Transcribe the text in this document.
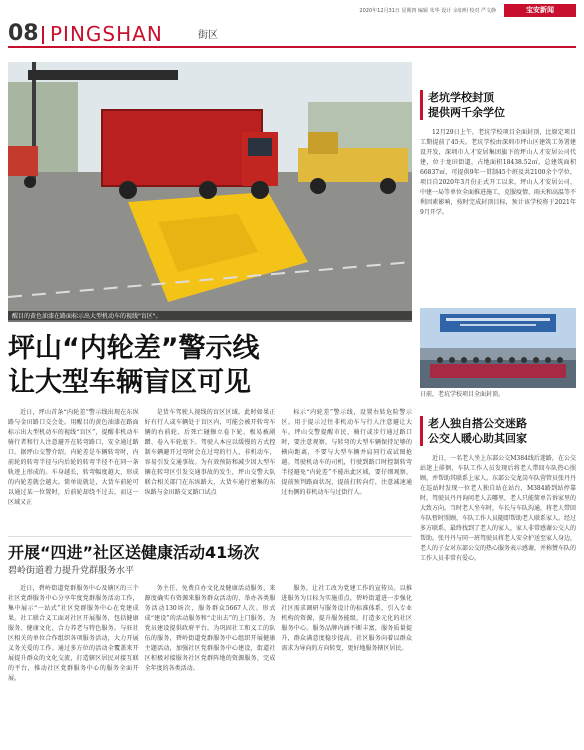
2020年12月31日 星期四 编辑 朱华 设计 余如明 校对 严文静	宝安新闻
08 PINGSHAN	街区
醒目的黄色油漆在路面标示出大型机动车的视线"盲区"。
坪山“内轮差”警示线
让大型车辆盲区可见

近日，坪山首条“内轮差”警示线出现在东纵路与金田路口交会处。用醒目的黄色油漆在路面标示出大型机动车的视线“盲区”，提醒非机动车骑行者和行人注意避开在转弯路口，安全通过路口。据坪山交警介绍，内轮差是车辆转弯时，内前轮的转弯半径与内后轮的转弯半径不在同一条轨迹上形成的。车身越长，转弯幅度越大，形成的内轮差就会越大。简单说就是，大货车前轮可以通过某一位置时，后前轮却绕不过去，而这一区域又正

是货车驾驶人视线的盲区区域。此时如果正好有行人或车辆处于盲区内，可能会被开转弯车辆的右前轮、后死亡碰擦立卷下轮，极易被剐蹭、卷入车轮底下。驾驶人本应以缓慢的方式控制车辆避开过弯时会在过弯的行人、非机动车，容易引发交通事故。为有效预防和减少因大型车辆在转弯区引发交通事故的发生，坪山交警大队联合相关部门在东纵路大，大货车通行密集的东纵路与金田路交叉路口试点

标示“内轮差”警示线，设置右转危险警示区。用于提示过往非机动车与行人注意避让大车。坪山交警提醒市民，骑行或步行通过路口时，要注意观察，与转弯的大型车辆保持足够的横向距离，不要与大型车辆并肩同行或试图抢越。驾驶机动车的司机，行驶到路口时控制转弯半径避免“内轮差”不能出此区域，要仔细观察，提前预判路面状况，提前打转向灯，注意减速通过右侧的非机动车与过街行人。

开展“四进”社区送健康活动41场次
碧岭街道着力提升党群服务水平

近日，碧岭街道党群服务中心及辖区的三个社区党群服务中心分享年度党群服务活动工作，集中展示“一站式”社区党群服务中心在党建成果。社工联合义工面对社区开展服务，包括健康服务、健康文化、合力养老与特色服务。与驻社区相关的单位合作组织各项服务活动，大力开展义务关爱的工作。通过多方位的活动全覆盖来开展提升群众的文化交流，打造辖区居民对接互联的平台，推动社区党群服务中心的服务全面开展。

务主任、免费自办文化及健康活动服务，来源度确实有资源来服务群众活动的、举办各类服务活动130场次，服务群众5667人次。形式成“建设”的活动服务和“走出去”的上门服务，为党员建设提供政府平台。为巩固社工和义工的队伍的服务，碧岭街道党群服务中心组织开展健康主题活动，加强社区党群服务中心建设，街道社区积极对接服务社区党群阵地的资源服务，完成全年度的各类活动。

服务，让社工改为党建工作的宣传员。以推进服务为目标为实施重点，碧岭街道进一步强化社区需求调研与服务设计的标准体系，引入专业机构的资源，提升服务能级，打造多元化的社区服务中心。服务品牌内涵不断丰富，服务质量提升，群众满意度稳步提高，社区服务向着以群众需求为导向的方向转变，更好地服务辖区居民。

老坑学校封顶
提供两千余学位

12月29日上午，老坑学校项目全面封顶，比原定项目工期提前了45天。老坑学校由深圳市坪山区建筑工务署建设开发，深圳市人才安居集团旗下的坪山人才安居公司代建，位于龙田街道，占地面积18438.52㎡，总建筑面积66837㎡，可提供9年一贯制45个班及共2100余个学位，项目自2020年3月份正式开工以来，坪山人才安居公司、中建一局等单位全面推进施工，克服疫情、雨天和高温等不利因素影响，按时完成封顶目标，预计该学校将于2021年9月开学。

日前，老坑学校项目全面封顶。
老人独自搭公交迷路
公交人暖心助其回家

近日，一名老人坐上东部公交M384线后迷路，在公交站迷上徘徊，车队工作人员发现后将老人带回车队热心照顾，并帮助其联系上家人。东部公交龙岗车队营管员张丹丹在巡站时发现一位老人独自站在站台，M384路到站停靠时，驾驶员丹丹询问老人去哪里，老人只能简单告诉家里的大致方向。当时老人坐车时，车长与车队沟通，将老人带回车队暂时照顾，车队工作人员随即帮助老人联系家人。经过多方联系，最终找到了老人的家人，家人非常感谢公交人的帮助。张丹丹与同一班驾驶员将老人安全护送至家人身边，老人的子女对东部公交的热心服务表示感谢，并称赞车队的工作人员非常有爱心。
